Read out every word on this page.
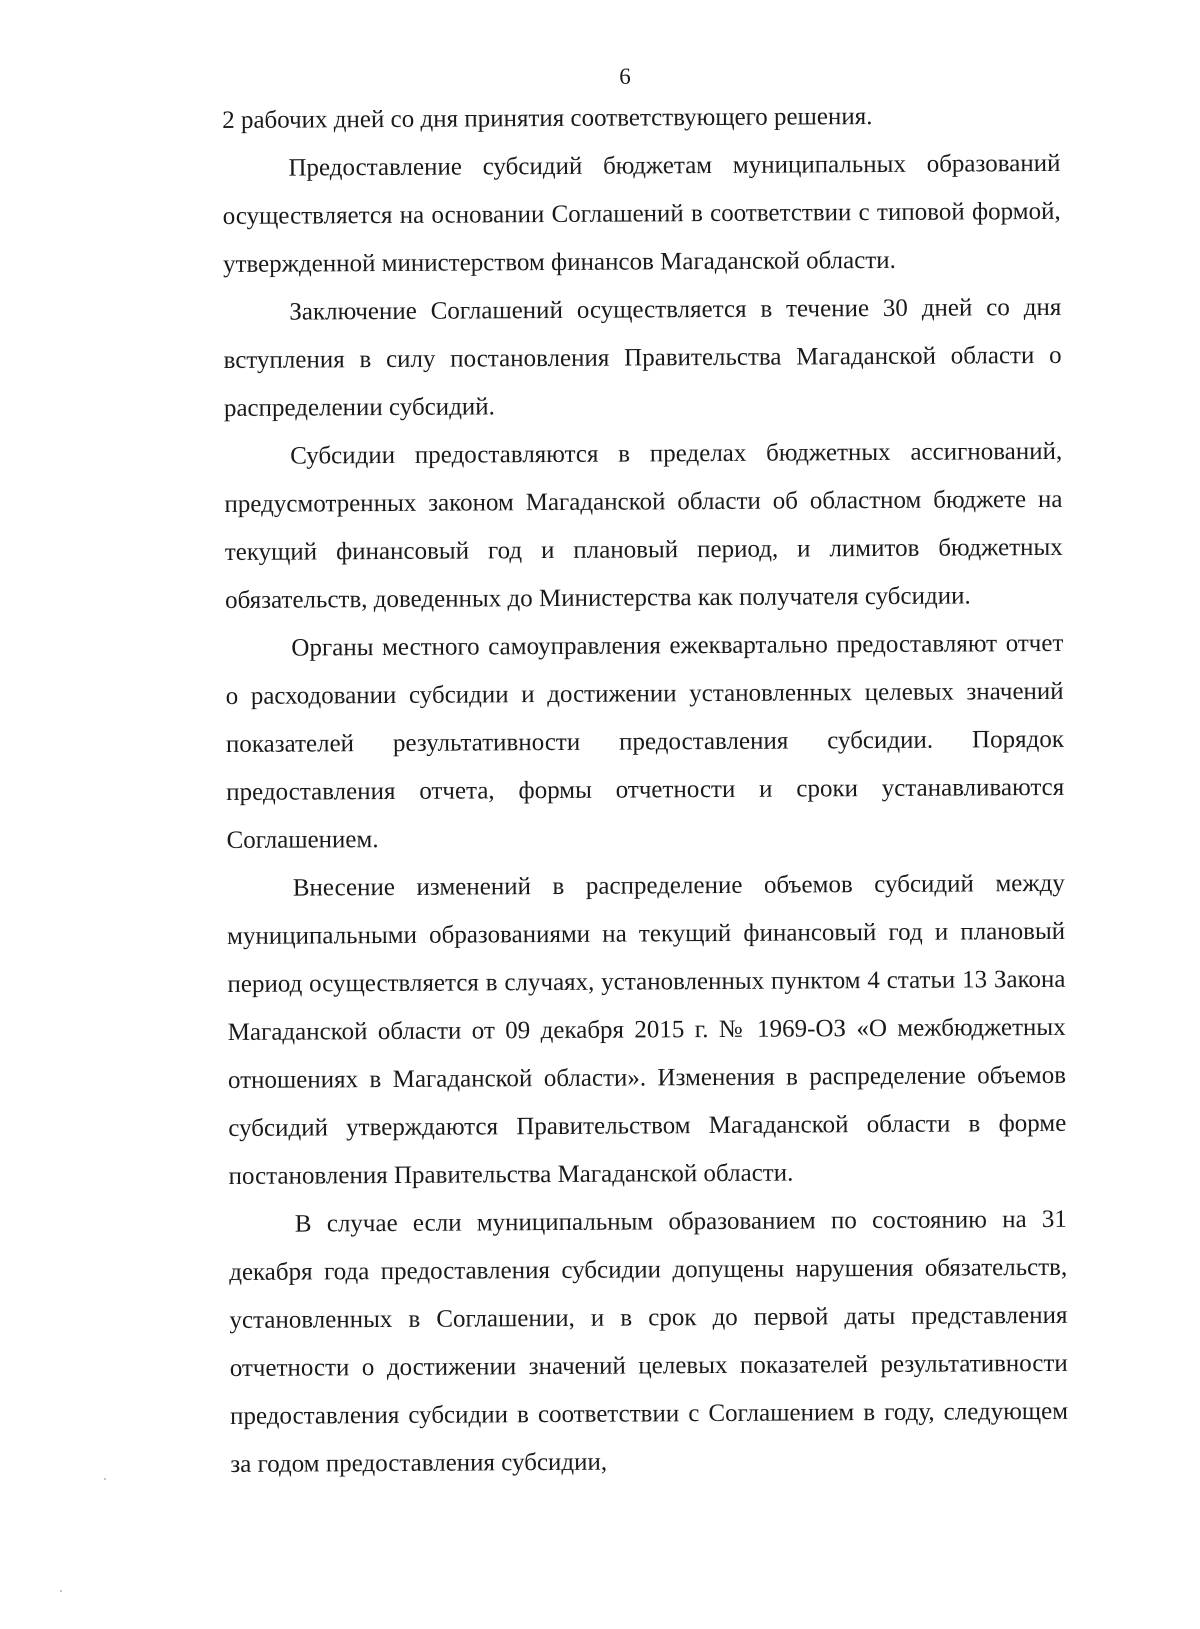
6

2 рабочих дней со дня принятия соответствующего решения.

Предоставление субсидий бюджетам муниципальных образований осуществляется на основании Соглашений в соответствии с типовой формой, утвержденной министерством финансов Магаданской области.

Заключение Соглашений осуществляется в течение 30 дней со дня вступления в силу постановления Правительства Магаданской области о распределении субсидий.

Субсидии предоставляются в пределах бюджетных ассигнований, предусмотренных законом Магаданской области об областном бюджете на текущий финансовый год и плановый период, и лимитов бюджетных обязательств, доведенных до Министерства как получателя субсидии.

Органы местного самоуправления ежеквартально предоставляют отчет о расходовании субсидии и достижении установленных целевых значений показателей результативности предоставления субсидии. Порядок предоставления отчета, формы отчетности и сроки устанавливаются Соглашением.

Внесение изменений в распределение объемов субсидий между муниципальными образованиями на текущий финансовый год и плановый период осуществляется в случаях, установленных пунктом 4 статьи 13 Закона Магаданской области от 09 декабря 2015 г. № 1969-ОЗ «О межбюджетных отношениях в Магаданской области». Изменения в распределение объемов субсидий утверждаются Правительством Магаданской области в форме постановления Правительства Магаданской области.

В случае если муниципальным образованием по состоянию на 31 декабря года предоставления субсидии допущены нарушения обязательств, установленных в Соглашении, и в срок до первой даты представления отчетности о достижении значений целевых показателей результативности предоставления субсидии в соответствии с Соглашением в году, следующем за годом предоставления субсидии,
